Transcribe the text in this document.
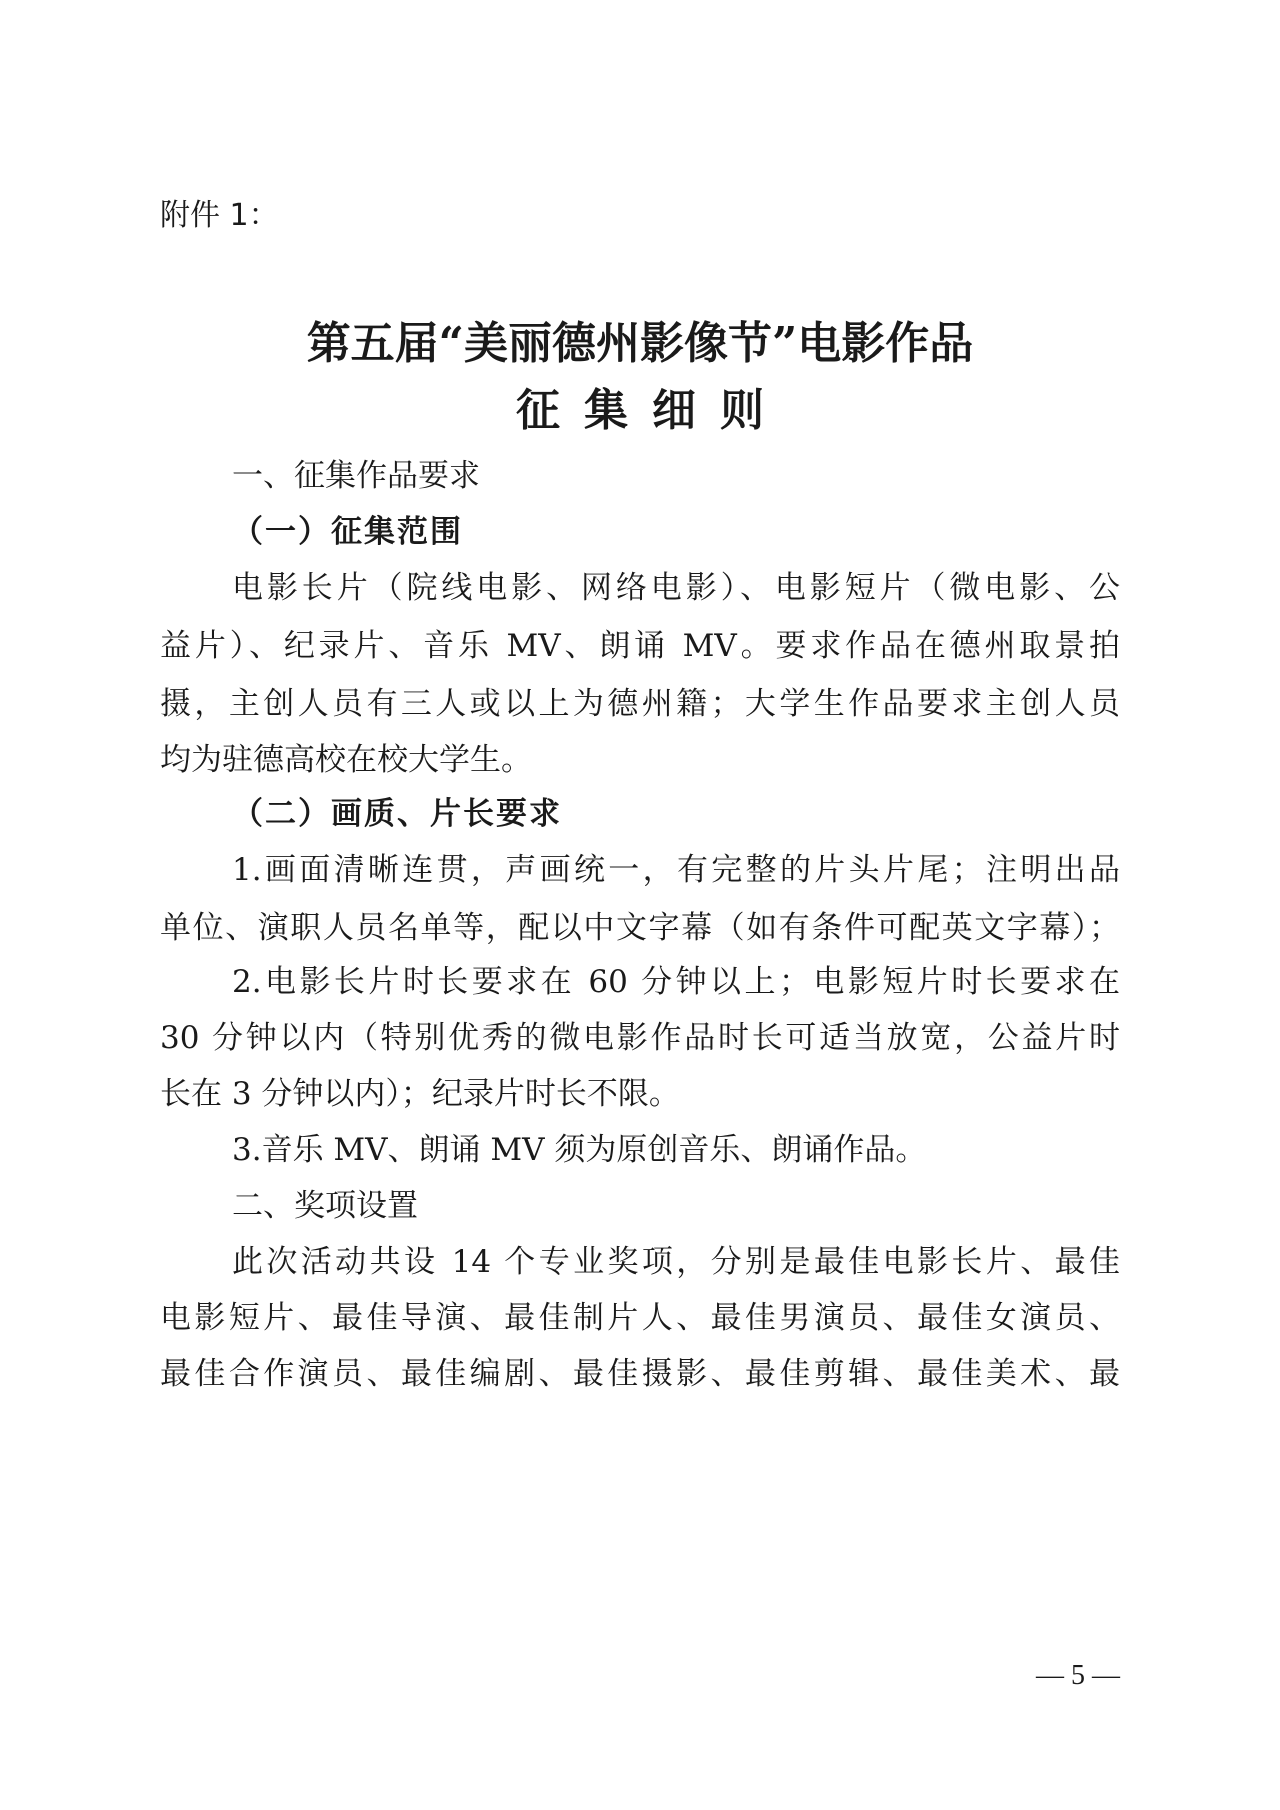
附件 1：
第五届“美丽德州影像节”电影作品
征集细则
一、征集作品要求
（一）征集范围
电影长片（院线电影、网络电影）、电影短片（微电影、公
益片）、纪录片、音乐 MV、朗诵 MV。要求作品在德州取景拍
摄，主创人员有三人或以上为德州籍；大学生作品要求主创人员
均为驻德高校在校大学生。
（二）画质、片长要求
1.画面清晰连贯，声画统一，有完整的片头片尾；注明出品
单位、演职人员名单等，配以中文字幕（如有条件可配英文字幕）；
2.电影长片时长要求在 60 分钟以上；电影短片时长要求在
30 分钟以内（特别优秀的微电影作品时长可适当放宽，公益片时
长在 3 分钟以内）；纪录片时长不限。
3.音乐 MV、朗诵 MV 须为原创音乐、朗诵作品。
二、奖项设置
此次活动共设 14 个专业奖项，分别是最佳电影长片、最佳
电影短片、最佳导演、最佳制片人、最佳男演员、最佳女演员、
最佳合作演员、最佳编剧、最佳摄影、最佳剪辑、最佳美术、最
— 5 —
